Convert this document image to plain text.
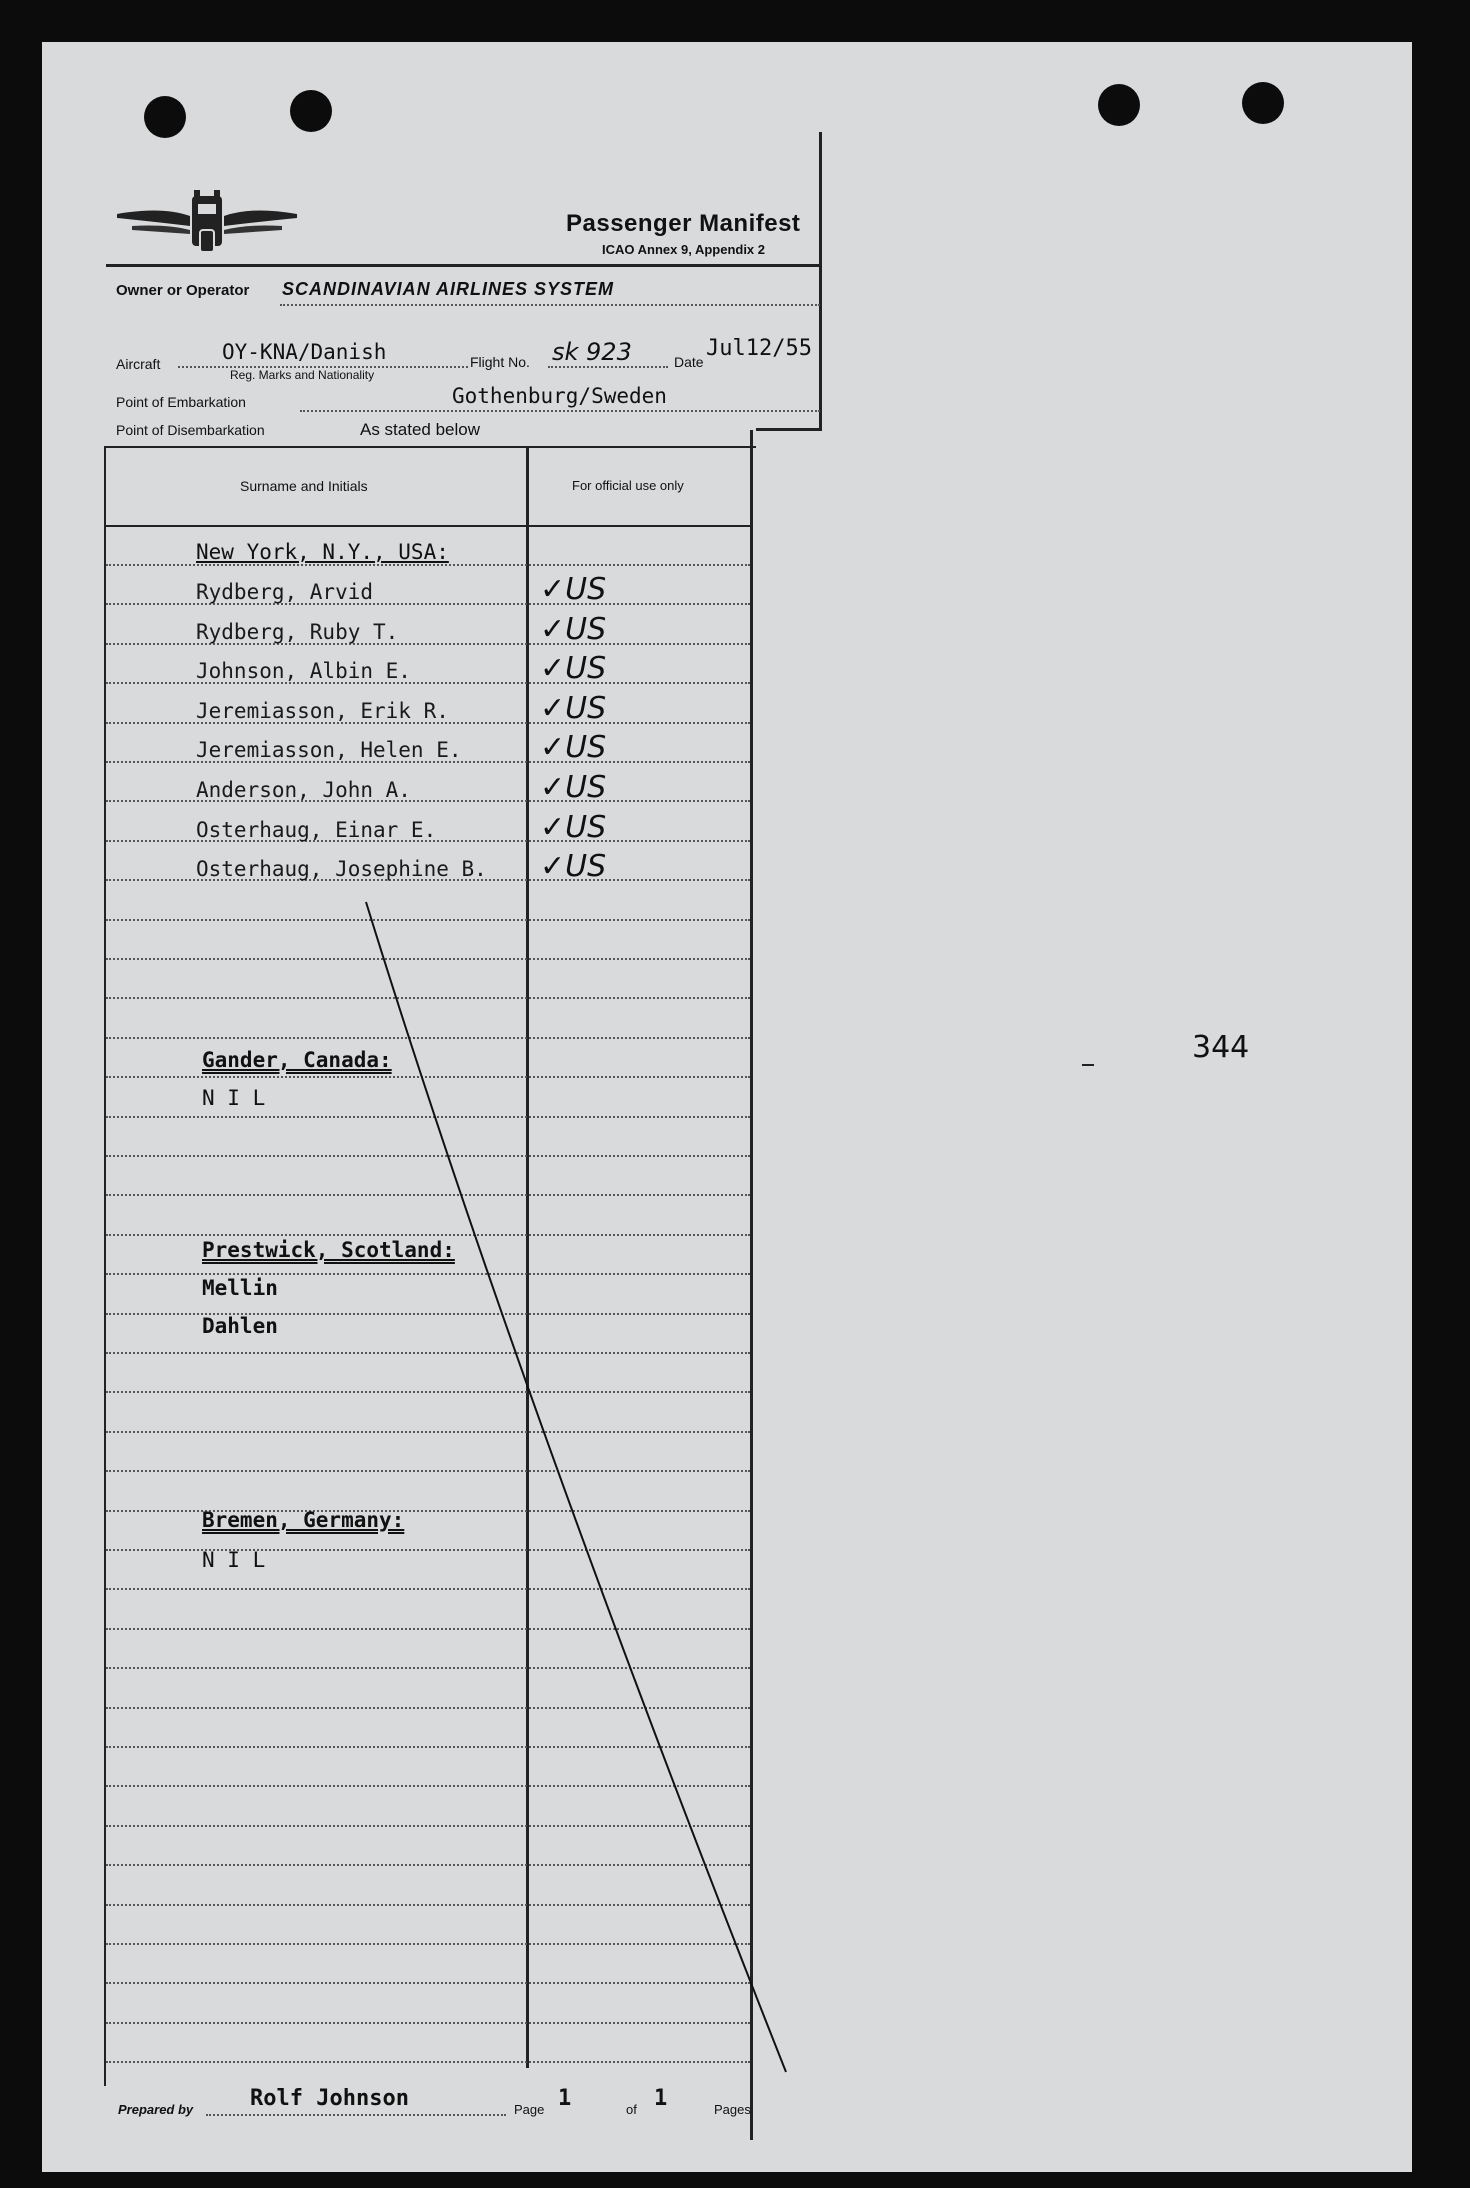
Passenger Manifest
ICAO Annex 9, Appendix 2
Owner or Operator SCANDINAVIAN AIRLINES SYSTEM
Aircraft	OY-KNA/Danish
Reg. Marks and Nationality
Flight No. sk 923	Date
Jul12/55
Point of Embarkation	Gothenburg/Sweden
Point of Disembarkation	As stated below
Surname and Initials	For official use only
New York, N.Y., USA:
Rydberg, Arvid	✓US
Rydberg, Ruby T.	✓US
Johnson, Albin E.	✓US
Jeremiasson, Erik R.	✓US
Jeremiasson, Helen E.	✓US
Anderson, John A.	✓US
Osterhaug, Einar E.	✓US
Osterhaug, Josephine B. ✓US
Gander, Canada:
N I L
Prestwick, Scotland:
Mellin
Dahlen
Bremen, Germany:
N I L
344
Prepared by	Rolf Johnson	Page 1	of 1	Pages
